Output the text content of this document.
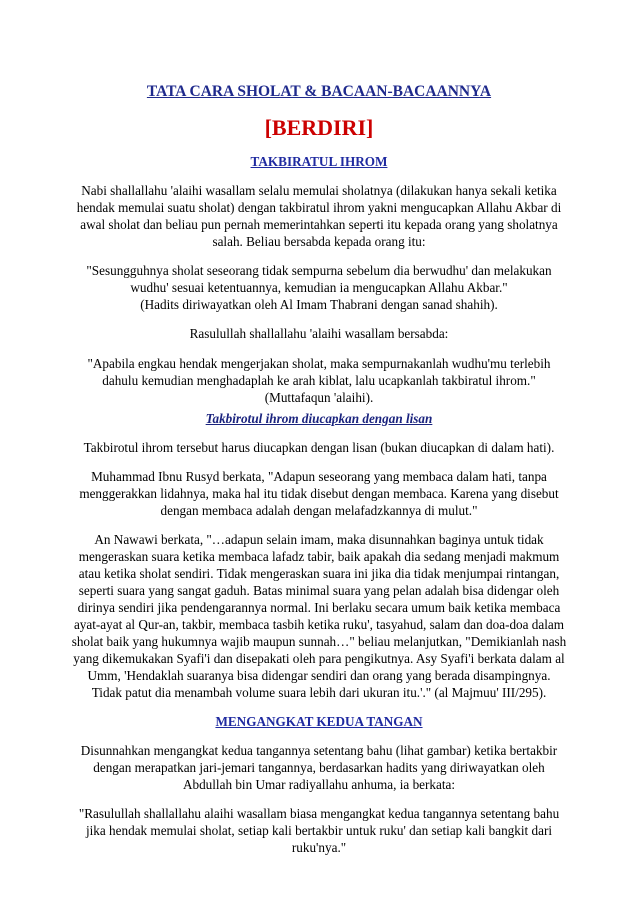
TATA CARA SHOLAT & BACAAN-BACAANNYA
[BERDIRI]
TAKBIRATUL IHROM
Nabi shallallahu 'alaihi wasallam selalu memulai sholatnya (dilakukan hanya sekali ketika
hendak memulai suatu sholat) dengan takbiratul ihrom yakni mengucapkan Allahu Akbar di
awal sholat dan beliau pun pernah memerintahkan seperti itu kepada orang yang sholatnya
salah. Beliau bersabda kepada orang itu:
"Sesungguhnya sholat seseorang tidak sempurna sebelum dia berwudhu' dan melakukan
wudhu' sesuai ketentuannya, kemudian ia mengucapkan Allahu Akbar."
(Hadits diriwayatkan oleh Al Imam Thabrani dengan sanad shahih).
Rasulullah shallallahu 'alaihi wasallam bersabda:
"Apabila engkau hendak mengerjakan sholat, maka sempurnakanlah wudhu'mu terlebih
dahulu kemudian menghadaplah ke arah kiblat, lalu ucapkanlah takbiratul ihrom."
(Muttafaqun 'alaihi).
Takbirotul ihrom diucapkan dengan lisan
Takbirotul ihrom tersebut harus diucapkan dengan lisan (bukan diucapkan di dalam hati).
Muhammad Ibnu Rusyd berkata, "Adapun seseorang yang membaca dalam hati, tanpa
menggerakkan lidahnya, maka hal itu tidak disebut dengan membaca. Karena yang disebut
dengan membaca adalah dengan melafadzkannya di mulut."
An Nawawi berkata, "…adapun selain imam, maka disunnahkan baginya untuk tidak
mengeraskan suara ketika membaca lafadz tabir, baik apakah dia sedang menjadi makmum
atau ketika sholat sendiri. Tidak mengeraskan suara ini jika dia tidak menjumpai rintangan,
seperti suara yang sangat gaduh. Batas minimal suara yang pelan adalah bisa didengar oleh
dirinya sendiri jika pendengarannya normal. Ini berlaku secara umum baik ketika membaca
ayat-ayat al Qur-an, takbir, membaca tasbih ketika ruku', tasyahud, salam dan doa-doa dalam
sholat baik yang hukumnya wajib maupun sunnah…" beliau melanjutkan, "Demikianlah nash
yang dikemukakan Syafi'i dan disepakati oleh para pengikutnya. Asy Syafi'i berkata dalam al
Umm, 'Hendaklah suaranya bisa didengar sendiri dan orang yang berada disampingnya.
Tidak patut dia menambah volume suara lebih dari ukuran itu.'." (al Majmuu' III/295).
MENGANGKAT KEDUA TANGAN
Disunnahkan mengangkat kedua tangannya setentang bahu (lihat gambar) ketika bertakbir
dengan merapatkan jari-jemari tangannya, berdasarkan hadits yang diriwayatkan oleh
Abdullah bin Umar radiyallahu anhuma, ia berkata:
"Rasulullah shallallahu alaihi wasallam biasa mengangkat kedua tangannya setentang bahu
jika hendak memulai sholat, setiap kali bertakbir untuk ruku' dan setiap kali bangkit dari
ruku'nya."
